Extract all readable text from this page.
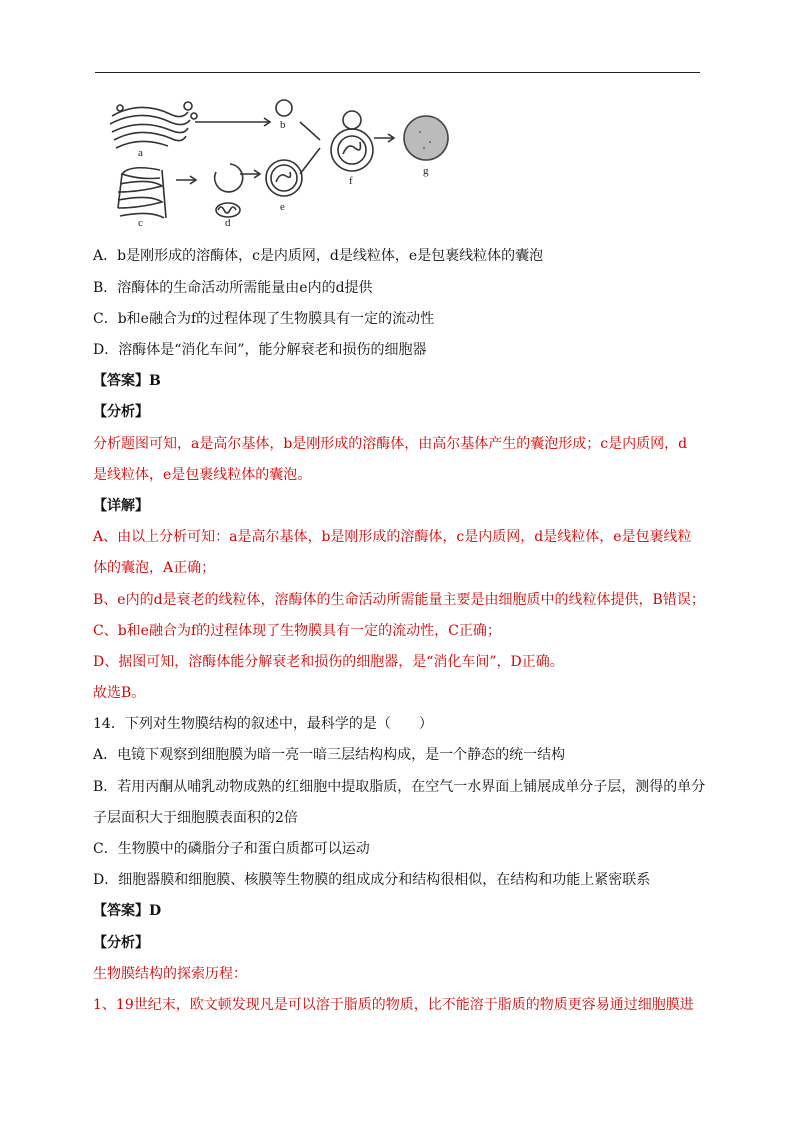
a
b
c	d
e
f
g
A．b是刚形成的溶酶体，c是内质网，d是线粒体，e是包裹线粒体的囊泡
B．溶酶体的生命活动所需能量由e内的d提供
C．b和e融合为f的过程体现了生物膜具有一定的流动性
D．溶酶体是“消化车间”，能分解衰老和损伤的细胞器
【答案】B
【分析】
分析题图可知，a是高尔基体，b是刚形成的溶酶体，由高尔基体产生的囊泡形成；c是内质网，d
是线粒体，e是包裹线粒体的囊泡。
【详解】
A、由以上分析可知：a是高尔基体，b是刚形成的溶酶体，c是内质网，d是线粒体，e是包裹线粒
体的囊泡，A正确；
B、e内的d是衰老的线粒体，溶酶体的生命活动所需能量主要是由细胞质中的线粒体提供，B错误；
C、b和e融合为f的过程体现了生物膜具有一定的流动性，C正确；
D、据图可知，溶酶体能分解衰老和损伤的细胞器，是“消化车间”，D正确。
故选B。
14．下列对生物膜结构的叙述中，最科学的是（　　）
A．电镜下观察到细胞膜为暗一亮一暗三层结构构成，是一个静态的统一结构
B．若用丙酮从哺乳动物成熟的红细胞中提取脂质，在空气一水界面上铺展成单分子层，测得的单分
子层面积大于细胞膜表面积的2倍
C．生物膜中的磷脂分子和蛋白质都可以运动
D．细胞器膜和细胞膜、核膜等生物膜的组成成分和结构很相似，在结构和功能上紧密联系
【答案】D
【分析】
生物膜结构的探索历程：
1、19世纪末，欧文顿发现凡是可以溶于脂质的物质，比不能溶于脂质的物质更容易通过细胞膜进
